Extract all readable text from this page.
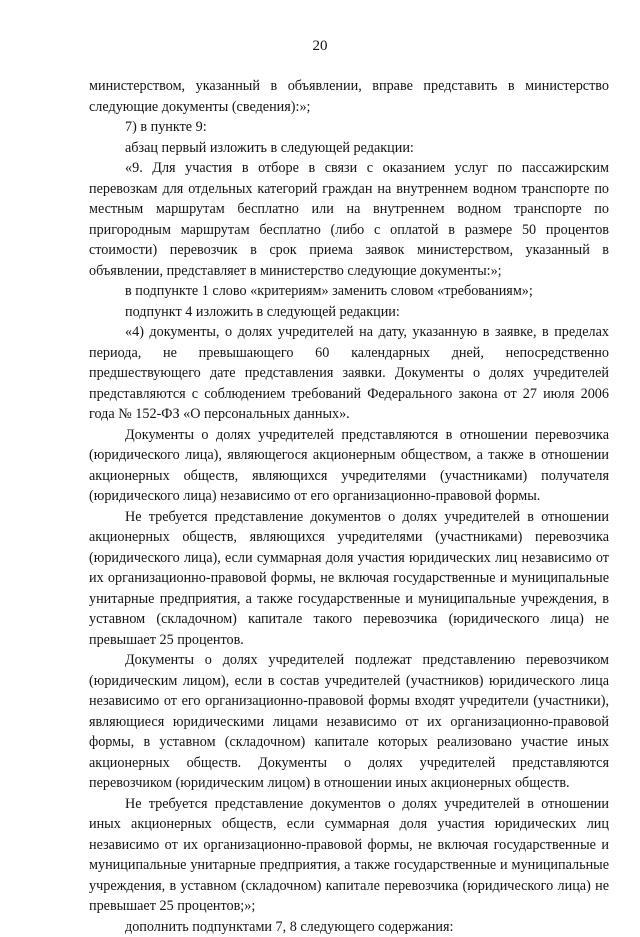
20

министерством, указанный в объявлении, вправе представить в министерство следующие документы (сведения):»;

7) в пункте 9:

абзац первый изложить в следующей редакции:

«9. Для участия в отборе в связи с оказанием услуг по пассажирским перевозкам для отдельных категорий граждан на внутреннем водном транспорте по местным маршрутам бесплатно или на внутреннем водном транспорте по пригородным маршрутам бесплатно (либо с оплатой в размере 50 процентов стоимости) перевозчик в срок приема заявок министерством, указанный в объявлении, представляет в министерство следующие документы:»;

в подпункте 1 слово «критериям» заменить словом «требованиям»;

подпункт 4 изложить в следующей редакции:

«4) документы, о долях учредителей на дату, указанную в заявке, в пределах периода, не превышающего 60 календарных дней, непосредственно предшествующего дате представления заявки. Документы о долях учредителей представляются с соблюдением требований Федерального закона от 27 июля 2006 года № 152-ФЗ «О персональных данных».

Документы о долях учредителей представляются в отношении перевозчика (юридического лица), являющегося акционерным обществом, а также в отношении акционерных обществ, являющихся учредителями (участниками) получателя (юридического лица) независимо от его организационно-правовой формы.

Не требуется представление документов о долях учредителей в отношении акционерных обществ, являющихся учредителями (участниками) перевозчика (юридического лица), если суммарная доля участия юридических лиц независимо от их организационно-правовой формы, не включая государственные и муниципальные унитарные предприятия, а также государственные и муниципальные учреждения, в уставном (складочном) капитале такого перевозчика (юридического лица) не превышает 25 процентов.

Документы о долях учредителей подлежат представлению перевозчиком (юридическим лицом), если в состав учредителей (участников) юридического лица независимо от его организационно-правовой формы входят учредители (участники), являющиеся юридическими лицами независимо от их организационно-правовой формы, в уставном (складочном) капитале которых реализовано участие иных акционерных обществ. Документы о долях учредителей представляются перевозчиком (юридическим лицом) в отношении иных акционерных обществ.

Не требуется представление документов о долях учредителей в отношении иных акционерных обществ, если суммарная доля участия юридических лиц независимо от их организационно-правовой формы, не включая государственные и муниципальные унитарные предприятия, а также государственные и муниципальные учреждения, в уставном (складочном) капитале перевозчика (юридического лица) не превышает 25 процентов;»;

дополнить подпунктами 7, 8 следующего содержания:
